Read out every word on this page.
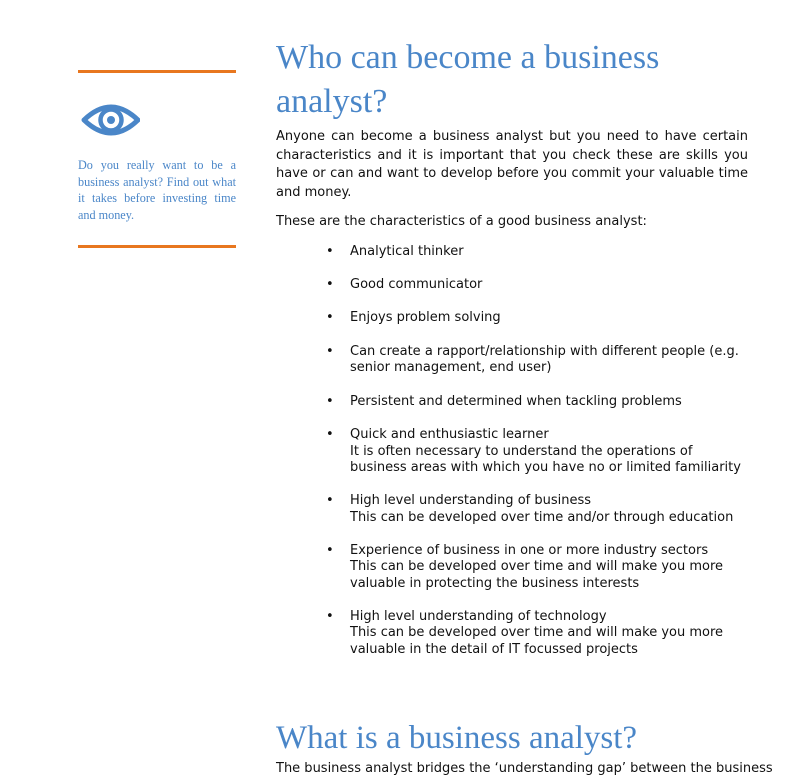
Do you really want to be a business analyst? Find out what it takes before investing time and money.
Who can become a business
analyst?

Anyone can become a business analyst but you need to have certain characteristics and it is important that you check these are skills you have or can and want to develop before you commit your valuable time and money.

These are the characteristics of a good business analyst:

• Analytical thinker
• Good communicator
• Enjoys problem solving
• Can create a rapport/relationship with different people (e.g. senior management, end user)
• Persistent and determined when tackling problems
• Quick and enthusiastic learner
It is often necessary to understand the operations of business areas with which you have no or limited familiarity
• High level understanding of business
This can be developed over time and/or through education
• Experience of business in one or more industry sectors
This can be developed over time and will make you more valuable in protecting the business interests
• High level understanding of technology
This can be developed over time and will make you more valuable in the detail of IT focussed projects
What is a business analyst?
The business analyst bridges the ‘understanding gap’ between the business
